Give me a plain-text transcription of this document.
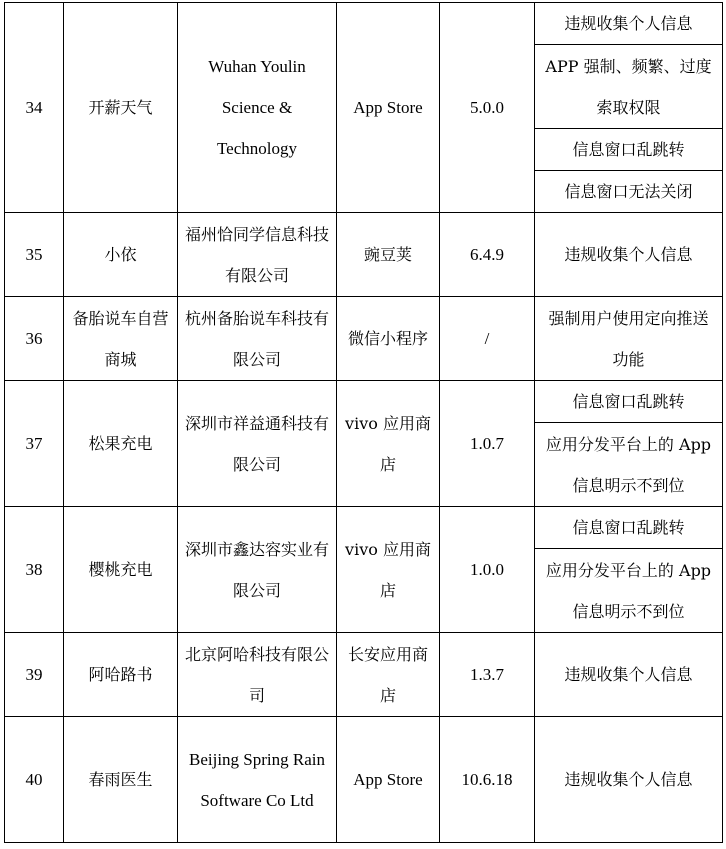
34	开薪天气	Wuhan Youlin Science & Technology	App Store	5.0.0	违规收集个人信息
					APP 强制、频繁、过度索取权限
					信息窗口乱跳转
					信息窗口无法关闭
35	小依	福州恰同学信息科技有限公司	豌豆荚	6.4.9	违规收集个人信息
36	备胎说车自营商城	杭州备胎说车科技有限公司	微信小程序	/	强制用户使用定向推送功能
37	松果充电	深圳市祥益通科技有限公司	vivo 应用商店	1.0.7	信息窗口乱跳转
					应用分发平台上的 App 信息明示不到位
38	樱桃充电	深圳市鑫达容实业有限公司	vivo 应用商店	1.0.0	信息窗口乱跳转
					应用分发平台上的 App 信息明示不到位
39	阿哈路书	北京阿哈科技有限公司	长安应用商店	1.3.7	违规收集个人信息
40	春雨医生	Beijing Spring Rain Software Co Ltd	App Store	10.6.18	违规收集个人信息
